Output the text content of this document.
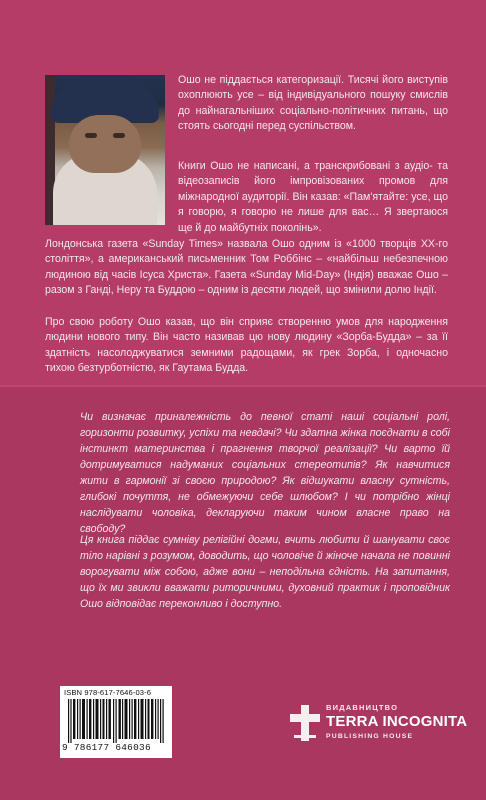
Ошо не піддається категоризації. Тисячі його виступів охоплюють усе – від індивідуального пошуку смислів до найнагальніших соціально-політичних питань, що стоять сьогодні перед суспільством.

Книги Ошо не написані, а транскрибовані з аудіо- та відеозаписів його імпровізованих промов для міжнародної аудиторії. Він казав: «Пам'ятайте: усе, що я говорю, я говорю не лише для вас… Я звертаюся ще й до майбутніх поколінь».

Лондонська газета «Sunday Times» назвала Ошо одним із «1000 творців XX-го століття», а американський письменник Том Роббінс – «найбільш небезпечною людиною від часів Ісуса Христа». Газета «Sunday Mid-Day» (Індія) вважає Ошо – разом з Ганді, Неру та Буддою – одним із десяти людей, що змінили долю Індії.

Про свою роботу Ошо казав, що він сприяє створенню умов для народження людини нового типу. Він часто називав цю нову людину «Зорба-Будда» – за її здатність насолоджуватися земними радощами, як грек Зорба, і одночасно тихою безтурботністю, як Гаутама Будда.

Чи визначає приналежність до певної статі наші соціальні ролі, горизонти розвитку, успіхи та невдачі? Чи здатна жінка поєднати в собі інстинкт материнства і прагнення творчої реалізації? Чи варто їй дотримуватися надуманих соціальних стереотипів? Як навчитися жити в гармонії зі своєю природою? Як відшукати власну сутність, глибокі почуття, не обмежуючи себе шлюбом? І чи потрібно жінці наслідувати чоловіка, декларуючи таким чином власне право на свободу?

Ця книга піддає сумніву релігійні догми, вчить любити й шанувати своє тіло нарівні з розумом, доводить, що чоловіче й жіноче начала не повинні ворогувати між собою, адже вони – неподільна єдність. На запитання, що їх ми звикли вважати риторичними, духовний практик і проповідник Ошо відповідає переконливо і доступно.

ISBN 978-617-7646-03-6
9 786177 646036
ВИДАВНИЦТВО
TERRA INCOGNITA
PUBLISHING HOUSE
